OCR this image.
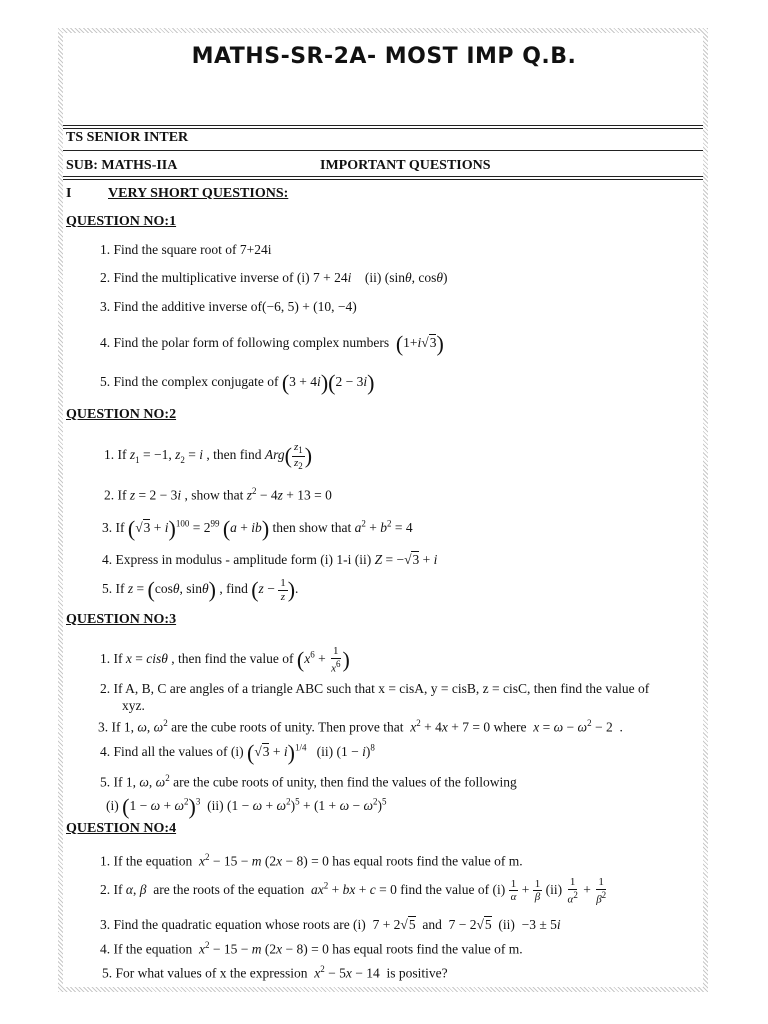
MATHS-SR-2A- MOST IMP Q.B.
TS SENIOR INTER
SUB: MATHS-IIA	IMPORTANT QUESTIONS
I	VERY SHORT QUESTIONS:
QUESTION NO:1
1. Find the square root of 7+24i
2. Find the multiplicative inverse of (i) 7 + 24i (ii) (sinθ, cosθ)
3. Find the additive inverse of(−6, 5) + (10, −4)
4. Find the polar form of following complex numbers (1+i√3)
5. Find the complex conjugate of (3 + 4i)(2 − 3i)
QUESTION NO:2
1. If $z_1 = -1$, $z_2 = i$ , then find $Arg( \frac{z_1}{z_2}$ )
2. If z = 2 − 3i , show that $z^2 - 4z + 13 = 0$
3. If $(√3 + i)^{100} = 2^{99}$ (a + ib) then show that $a^2 + b^2 = 4$
4. Express in modulus - amplitude form (i) 1-i (ii) Z = −√3 + i
5. If z = (cosθ, sinθ) , find ($z - \frac{1}{z}$ ).
QUESTION NO:3
1. If x = cisθ , then find the value of ($x^6 + \frac{1}{x^6}$ )
2. If A, B, C are angles of a triangle ABC such that x = cisA, y = cisB, z = cisC, then find the value of
xyz.
3. If 1, ω, $\omega^2$ are the cube roots of unity. Then prove that $x^2 + 4x + 7 = 0$ where $x = \omega - \omega^2 - 2$  .
4. Find all the values of (i) $(√3 + i)^{1/4}$ (ii) $(1 - i)^8$
5. If 1, ω, $\omega^2$ are the cube roots of unity, then find the values of the following
(i) $(1 - \omega + \omega^2)^3$ (ii) $(1 - \omega + \omega^2)^5 + (1 + \omega - \omega^2)^5$
QUESTION NO:4
1. If the equation $x^2 - 15 - m$ (2x − 8) = 0 has equal roots find the value of m.
2. If α, β are the roots of the equation $ax^2$ + bx + c = 0 find the value of $(i) \frac{1}{\alpha} + \frac{1}{\beta} (ii) \frac{1}{\alpha^2} + \frac{1}{\beta^2}$
3. Find the quadratic equation whose roots are (i)  7 + 2√5 and  7 − 2√5 (ii)  −3 ± 5i
4. If the equation $x^2 - 15 - m$ (2x − 8) = 0 has equal roots find the value of m.
5. For what values of x the expression $x^2 - 5x - 14$  is positive?
